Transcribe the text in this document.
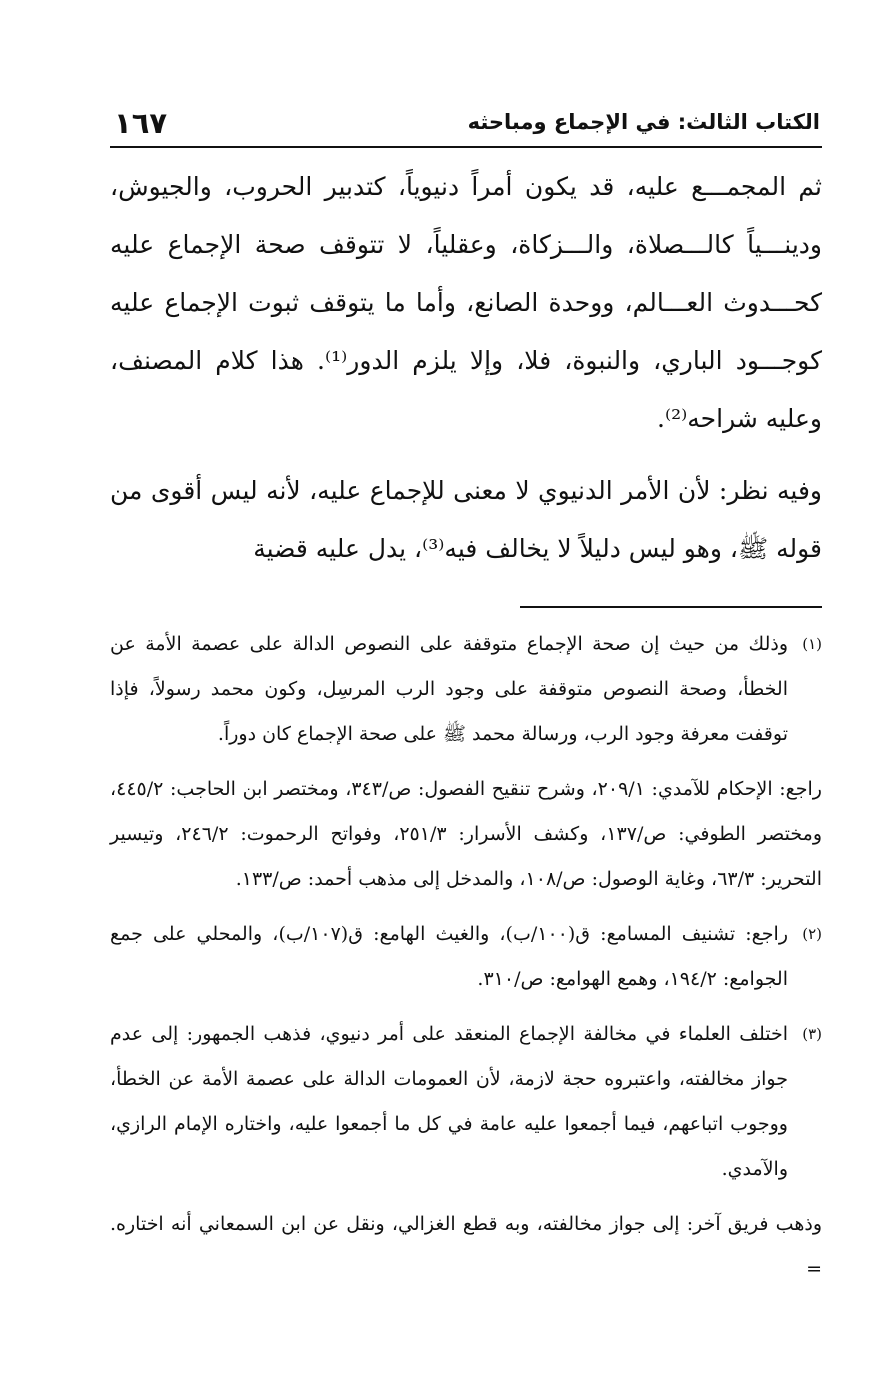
١٦٧	الكتاب الثالث: في الإجماع ومباحثه

ثم المجمـــع عليه، قد يكون أمراً دنيوياً، كتدبير الحروب، والجيوش، ودينـــياً كالـــصلاة، والـــزكاة، وعقلياً، لا تتوقف صحة الإجماع عليه كحـــدوث العـــالم، ووحدة الصانع، وأما ما يتوقف ثبوت الإجماع عليه كوجـــود الباري، والنبوة، فلا، وإلا يلزم الدور⁽¹⁾. هذا كلام المصنف، وعليه شراحه⁽²⁾.

وفيه نظر: لأن الأمر الدنيوي لا معنى للإجماع عليه، لأنه ليس أقوى من قوله ﷺ، وهو ليس دليلاً لا يخالف فيه⁽³⁾، يدل عليه قضية

(١)
وذلك من حيث إن صحة الإجماع متوقفة على النصوص الدالة على عصمة الأمة عن الخطأ، وصحة النصوص متوقفة على وجود الرب المرسِل، وكون محمد رسولاً، فإذا توقفت معرفة وجود الرب، ورسالة محمد ﷺ على صحة الإجماع كان دوراً.
راجع: الإحكام للآمدي: ٢٠٩/١، وشرح تنقيح الفصول: ص/٣٤٣، ومختصر ابن الحاجب: ٤٤٥/٢، ومختصر الطوفي: ص/١٣٧، وكشف الأسرار: ٢٥١/٣، وفواتح الرحموت: ٢٤٦/٢، وتيسير التحرير: ٦٣/٣، وغاية الوصول: ص/١٠٨، والمدخل إلى مذهب أحمد: ص/١٣٣.
(٢)
راجع: تشنيف المسامع: ق(١٠٠/ب)، والغيث الهامع: ق(١٠٧/ب)، والمحلي على جمع الجوامع: ١٩٤/٢، وهمع الهوامع: ص/٣١٠.
(٣)
اختلف العلماء في مخالفة الإجماع المنعقد على أمر دنيوي، فذهب الجمهور: إلى عدم جواز مخالفته، واعتبروه حجة لازمة، لأن العمومات الدالة على عصمة الأمة عن الخطأ، ووجوب اتباعهم، فيما أجمعوا عليه عامة في كل ما أجمعوا عليه، واختاره الإمام الرازي، والآمدي.
وذهب فريق آخر: إلى جواز مخالفته، وبه قطع الغزالي، ونقل عن ابن السمعاني أنه اختاره. =
